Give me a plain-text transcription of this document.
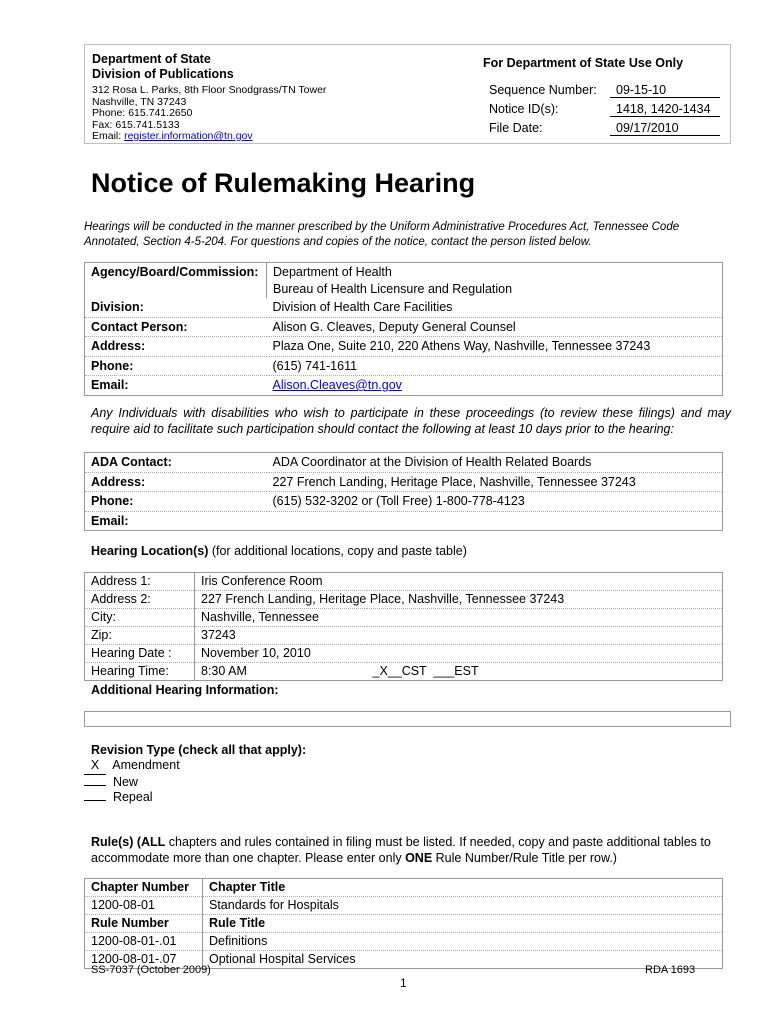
Department of State
Division of Publications
312 Rosa L. Parks, 8th Floor Snodgrass/TN Tower
Nashville, TN 37243
Phone: 615.741.2650
Fax: 615.741.5133
Email: register.information@tn.gov
For Department of State Use Only
Sequence Number:	09-15-10
Notice ID(s):	1418, 1420-1434
File Date:	09/17/2010
Notice of Rulemaking Hearing
Hearings will be conducted in the manner prescribed by the Uniform Administrative Procedures Act, Tennessee Code Annotated, Section 4-5-204. For questions and copies of the notice, contact the person listed below.
Agency/Board/Commission:	Department of Health
Bureau of Health Licensure and Regulation

Division:	Division of Health Care Facilities
Contact Person:	Alison G. Cleaves, Deputy General Counsel
Address:	Plaza One, Suite 210, 220 Athens Way, Nashville, Tennessee 37243
Phone:	(615) 741-1611
Email:	Alison.Cleaves@tn.gov
Any Individuals with disabilities who wish to participate in these proceedings (to review these filings) and may require aid to facilitate such participation should contact the following at least 10 days prior to the hearing:
ADA Contact:	ADA Coordinator at the Division of Health Related Boards
Address:	227 French Landing, Heritage Place, Nashville, Tennessee 37243
Phone:	(615) 532-3202 or (Toll Free) 1-800-778-4123
Email:	
Hearing Location(s) (for additional locations, copy and paste table)
Address 1:	Iris Conference Room	
Address 2:	227 French Landing, Heritage Place, Nashville, Tennessee 37243	
City:	Nashville, Tennessee	
Zip:	37243	
Hearing Date :	November 10, 2010	
Hearing Time:	8:30 AM	_X__CST  ___EST
Additional Hearing Information:
Revision Type (check all that apply):
X Amendment
New
Repeal
Rule(s) (ALL chapters and rules contained in filing must be listed. If needed, copy and paste additional tables to accommodate more than one chapter. Please enter only ONE Rule Number/Rule Title per row.)
Chapter Number	Chapter Title
1200-08-01	Standards for Hospitals
Rule Number	Rule Title
1200-08-01-.01	Definitions
1200-08-01-.07	Optional Hospital Services
SS-7037 (October 2009)	RDA 1693
1
